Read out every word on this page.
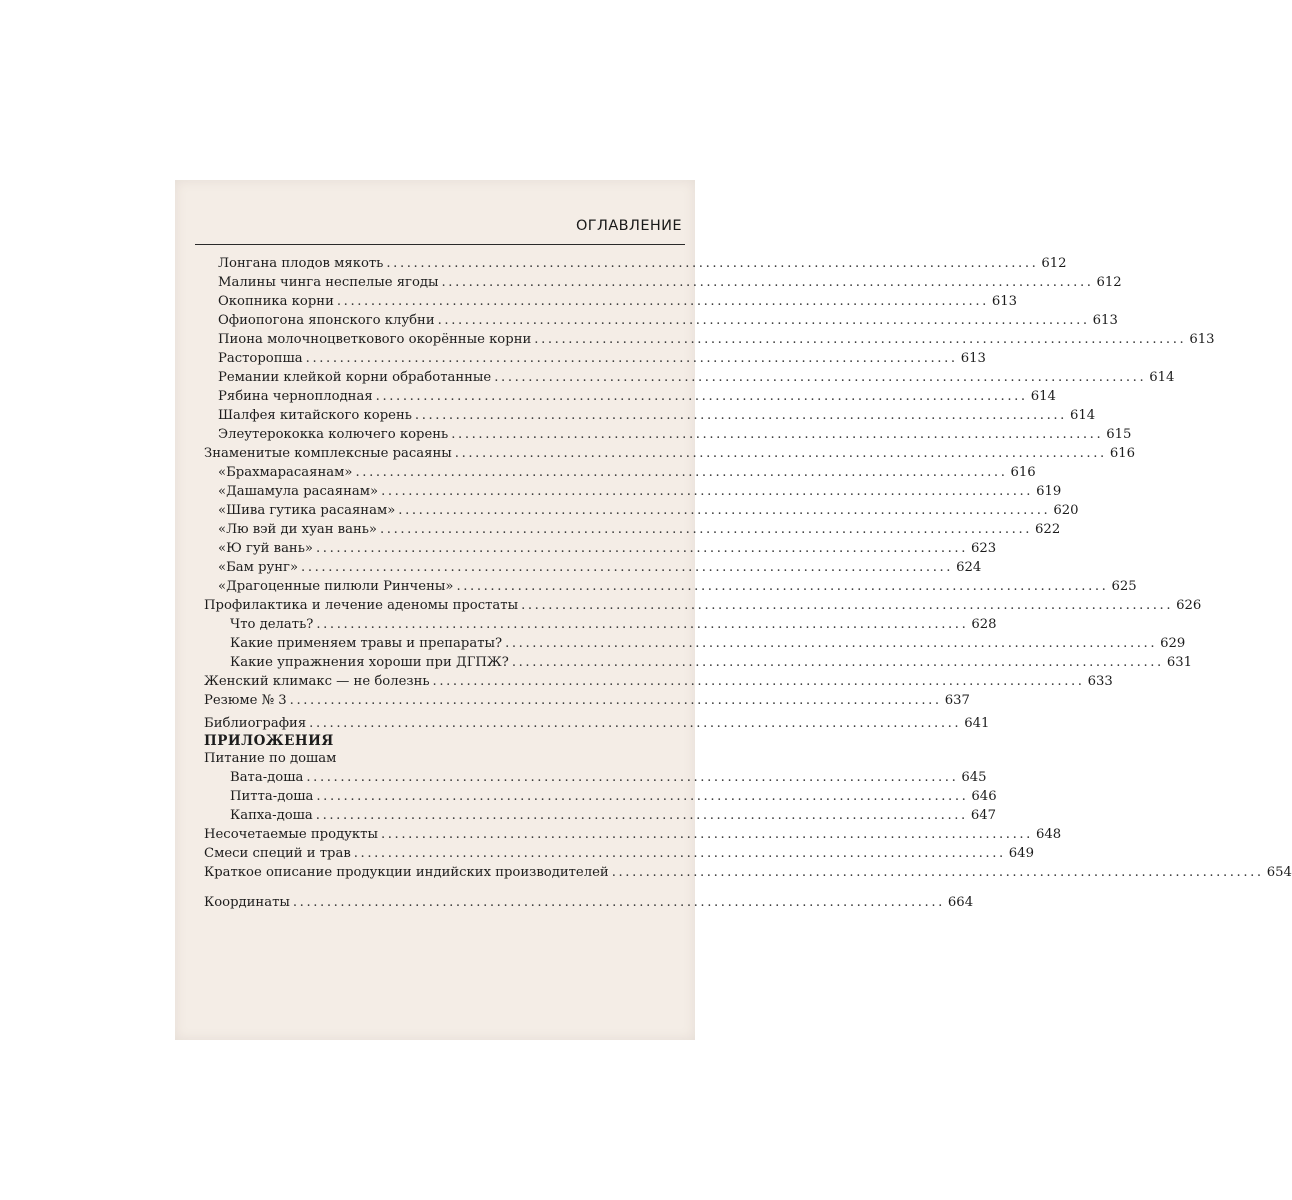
ОГЛАВЛЕНИЕ

Лонгана плодов мякоть ................................................................................................ 612
Малины чинга неспелые ягоды ................................................................................................ 612
Окопника корни ................................................................................................ 613
Офиопогона японского клубни ................................................................................................ 613
Пиона молочноцветкового окорённые корни ................................................................................................ 613
Расторопша ................................................................................................ 613
Ремании клейкой корни обработанные ................................................................................................ 614
Рябина черноплодная ................................................................................................ 614
Шалфея китайского корень ................................................................................................ 614
Элеутерококка колючего корень ................................................................................................ 615
Знаменитые комплексные расаяны ................................................................................................ 616
«Брахмарасаянам» ................................................................................................ 616
«Дашамула расаянам» ................................................................................................ 619
«Шива гутика расаянам» ................................................................................................ 620
«Лю вэй ди хуан вань» ................................................................................................ 622
«Ю гуй вань» ................................................................................................ 623
«Бам рунг» ................................................................................................ 624
«Драгоценные пилюли Ринчены» ................................................................................................ 625
Профилактика и лечение аденомы простаты ................................................................................................ 626
Что делать? ................................................................................................ 628
Какие применяем травы и препараты? ................................................................................................ 629
Какие упражнения хороши при ДГПЖ? ................................................................................................ 631
Женский климакс — не болезнь ................................................................................................ 633
Резюме № 3 ................................................................................................ 637
Библиография ................................................................................................ 641
ПРИЛОЖЕНИЯ
Питание по дошам
Вата-доша ................................................................................................ 645
Питта-доша ................................................................................................ 646
Капха-доша ................................................................................................ 647
Несочетаемые продукты ................................................................................................ 648
Смеси специй и трав ................................................................................................ 649
Краткое описание продукции индийских производителей ................................................................................................ 654
Координаты ................................................................................................ 664
